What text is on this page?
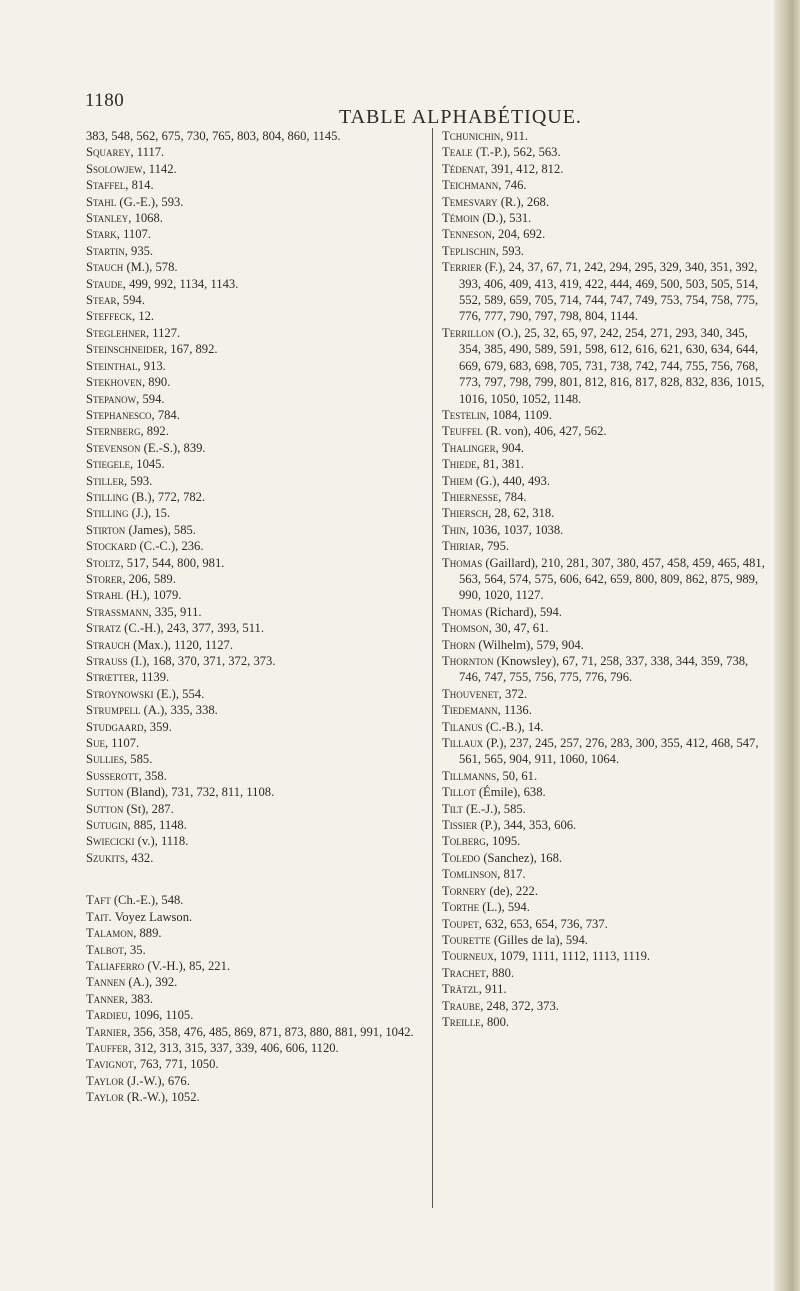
1180
TABLE ALPHABÉTIQUE.
383, 548, 562, 675, 730, 765, 803, 804, 860, 1145.
Squarey, 1117.
Ssolowjew, 1142.
Staffel, 814.
Stahl (G.-E.), 593.
Stanley, 1068.
Stark, 1107.
Startin, 935.
Stauch (M.), 578.
Staude, 499, 992, 1134, 1143.
Stear, 594.
Steffeck, 12.
Steglehner, 1127.
Steinschneider, 167, 892.
Steinthal, 913.
Stekhoven, 890.
Stepanow, 594.
Stephanesco, 784.
Sternberg, 892.
Stevenson (E.-S.), 839.
Stiegele, 1045.
Stiller, 593.
Stilling (B.), 772, 782.
Stilling (J.), 15.
Stirton (James), 585.
Stockard (C.-C.), 236.
Stoltz, 517, 544, 800, 981.
Storer, 206, 589.
Strahl (H.), 1079.
Strassmann, 335, 911.
Stratz (C.-H.), 243, 377, 393, 511.
Strauch (Max.), 1120, 1127.
Strauss (I.), 168, 370, 371, 372, 373.
Strœtter, 1139.
Stroynowski (E.), 554.
Strumpell (A.), 335, 338.
Studgaard, 359.
Sue, 1107.
Sullies, 585.
Susserott, 358.
Sutton (Bland), 731, 732, 811, 1108.
Sutton (St), 287.
Sutugin, 885, 1148.
Swiecicki (v.), 1118.
Szukits, 432.
Taft (Ch.-E.), 548.
Tait. Voyez Lawson.
Talamon, 889.
Talbot, 35.
Taliaferro (V.-H.), 85, 221.
Tannen (A.), 392.
Tanner, 383.
Tardieu, 1096, 1105.
Tarnier, 356, 358, 476, 485, 869, 871, 873, 880, 881, 991, 1042.
Tauffer, 312, 313, 315, 337, 339, 406, 606, 1120.
Tavignot, 763, 771, 1050.
Taylor (J.-W.), 676.
Taylor (R.-W.), 1052.
Tchunichin, 911.
Teale (T.-P.), 562, 563.
Tédenat, 391, 412, 812.
Teichmann, 746.
Temesvary (R.), 268.
Témoin (D.), 531.
Tenneson, 204, 692.
Teplischin, 593.
Terrier (F.), 24, 37, 67, 71, 242, 294, 295, 329, 340, 351, 392, 393, 406, 409, 413, 419, 422, 444, 469, 500, 503, 505, 514, 552, 589, 659, 705, 714, 744, 747, 749, 753, 754, 758, 775, 776, 777, 790, 797, 798, 804, 1144.
Terrillon (O.), 25, 32, 65, 97, 242, 254, 271, 293, 340, 345, 354, 385, 490, 589, 591, 598, 612, 616, 621, 630, 634, 644, 669, 679, 683, 698, 705, 731, 738, 742, 744, 755, 756, 768, 773, 797, 798, 799, 801, 812, 816, 817, 828, 832, 836, 1015, 1016, 1050, 1052, 1148.
Testelin, 1084, 1109.
Teuffel (R. von), 406, 427, 562.
Thalinger, 904.
Thiede, 81, 381.
Thiem (G.), 440, 493.
Thiernesse, 784.
Thiersch, 28, 62, 318.
Thin, 1036, 1037, 1038.
Thiriar, 795.
Thomas (Gaillard), 210, 281, 307, 380, 457, 458, 459, 465, 481, 563, 564, 574, 575, 606, 642, 659, 800, 809, 862, 875, 989, 990, 1020, 1127.
Thomas (Richard), 594.
Thomson, 30, 47, 61.
Thorn (Wilhelm), 579, 904.
Thornton (Knowsley), 67, 71, 258, 337, 338, 344, 359, 738, 746, 747, 755, 756, 775, 776, 796.
Thouvenet, 372.
Tiedemann, 1136.
Tilanus (C.-B.), 14.
Tillaux (P.), 237, 245, 257, 276, 283, 300, 355, 412, 468, 547, 561, 565, 904, 911, 1060, 1064.
Tillmanns, 50, 61.
Tillot (Émile), 638.
Tilt (E.-J.), 585.
Tissier (P.), 344, 353, 606.
Tolberg, 1095.
Toledo (Sanchez), 168.
Tomlinson, 817.
Tornery (de), 222.
Torthe (L.), 594.
Toupet, 632, 653, 654, 736, 737.
Tourette (Gilles de la), 594.
Tourneux, 1079, 1111, 1112, 1113, 1119.
Trachet, 880.
Trätzl, 911.
Traube, 248, 372, 373.
Treille, 800.
